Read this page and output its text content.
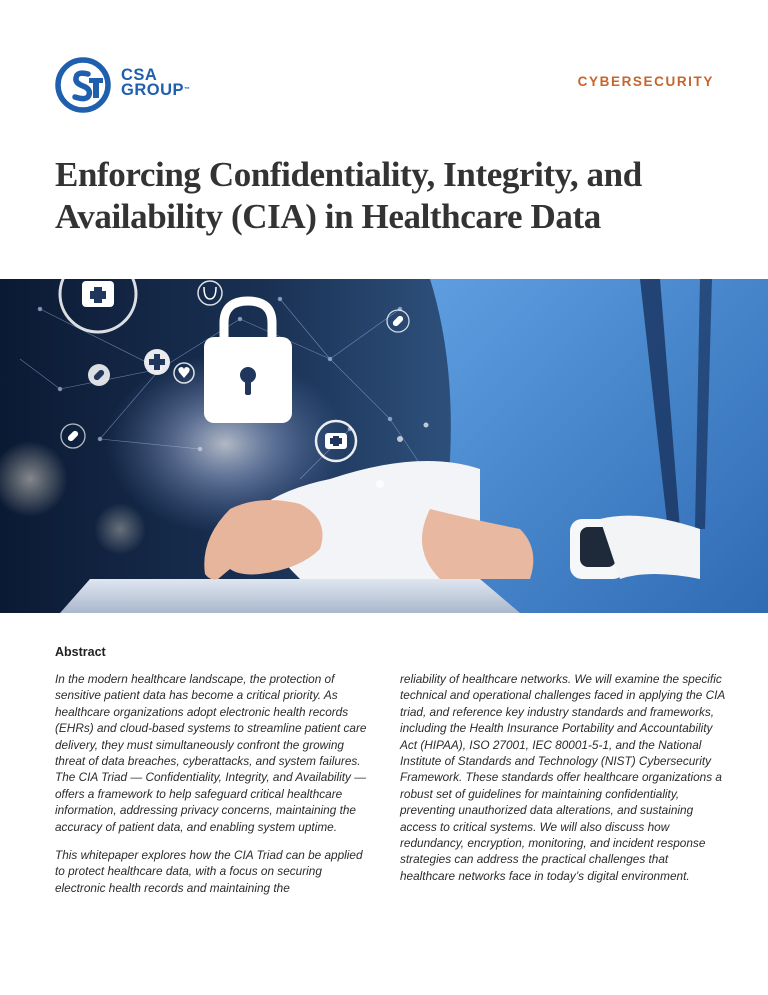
CSA
GROUP™
CYBERSECURITY
Enforcing Confidentiality, Integrity, and
Availability (CIA) in Healthcare Data
Abstract

In the modern healthcare landscape, the protection of sensitive patient data has become a critical priority. As healthcare organizations adopt electronic health records (EHRs) and cloud-based systems to streamline patient care delivery, they must simultaneously confront the growing threat of data breaches, cyberattacks, and system failures. The CIA Triad — Confidentiality, Integrity, and Availability — offers a framework to help safeguard critical healthcare information, addressing privacy concerns, maintaining the accuracy of patient data, and enabling system uptime.

This whitepaper explores how the CIA Triad can be applied to protect healthcare data, with a focus on securing electronic health records and maintaining the

reliability of healthcare networks. We will examine the specific technical and operational challenges faced in applying the CIA triad, and reference key industry standards and frameworks, including the Health Insurance Portability and Accountability Act (HIPAA), ISO 27001, IEC 80001-5-1, and the National Institute of Standards and Technology (NIST) Cybersecurity Framework. These standards offer healthcare organizations a robust set of guidelines for maintaining confidentiality, preventing unauthorized data alterations, and sustaining access to critical systems. We will also discuss how redundancy, encryption, monitoring, and incident response strategies can address the practical challenges that healthcare networks face in today’s digital environment.
